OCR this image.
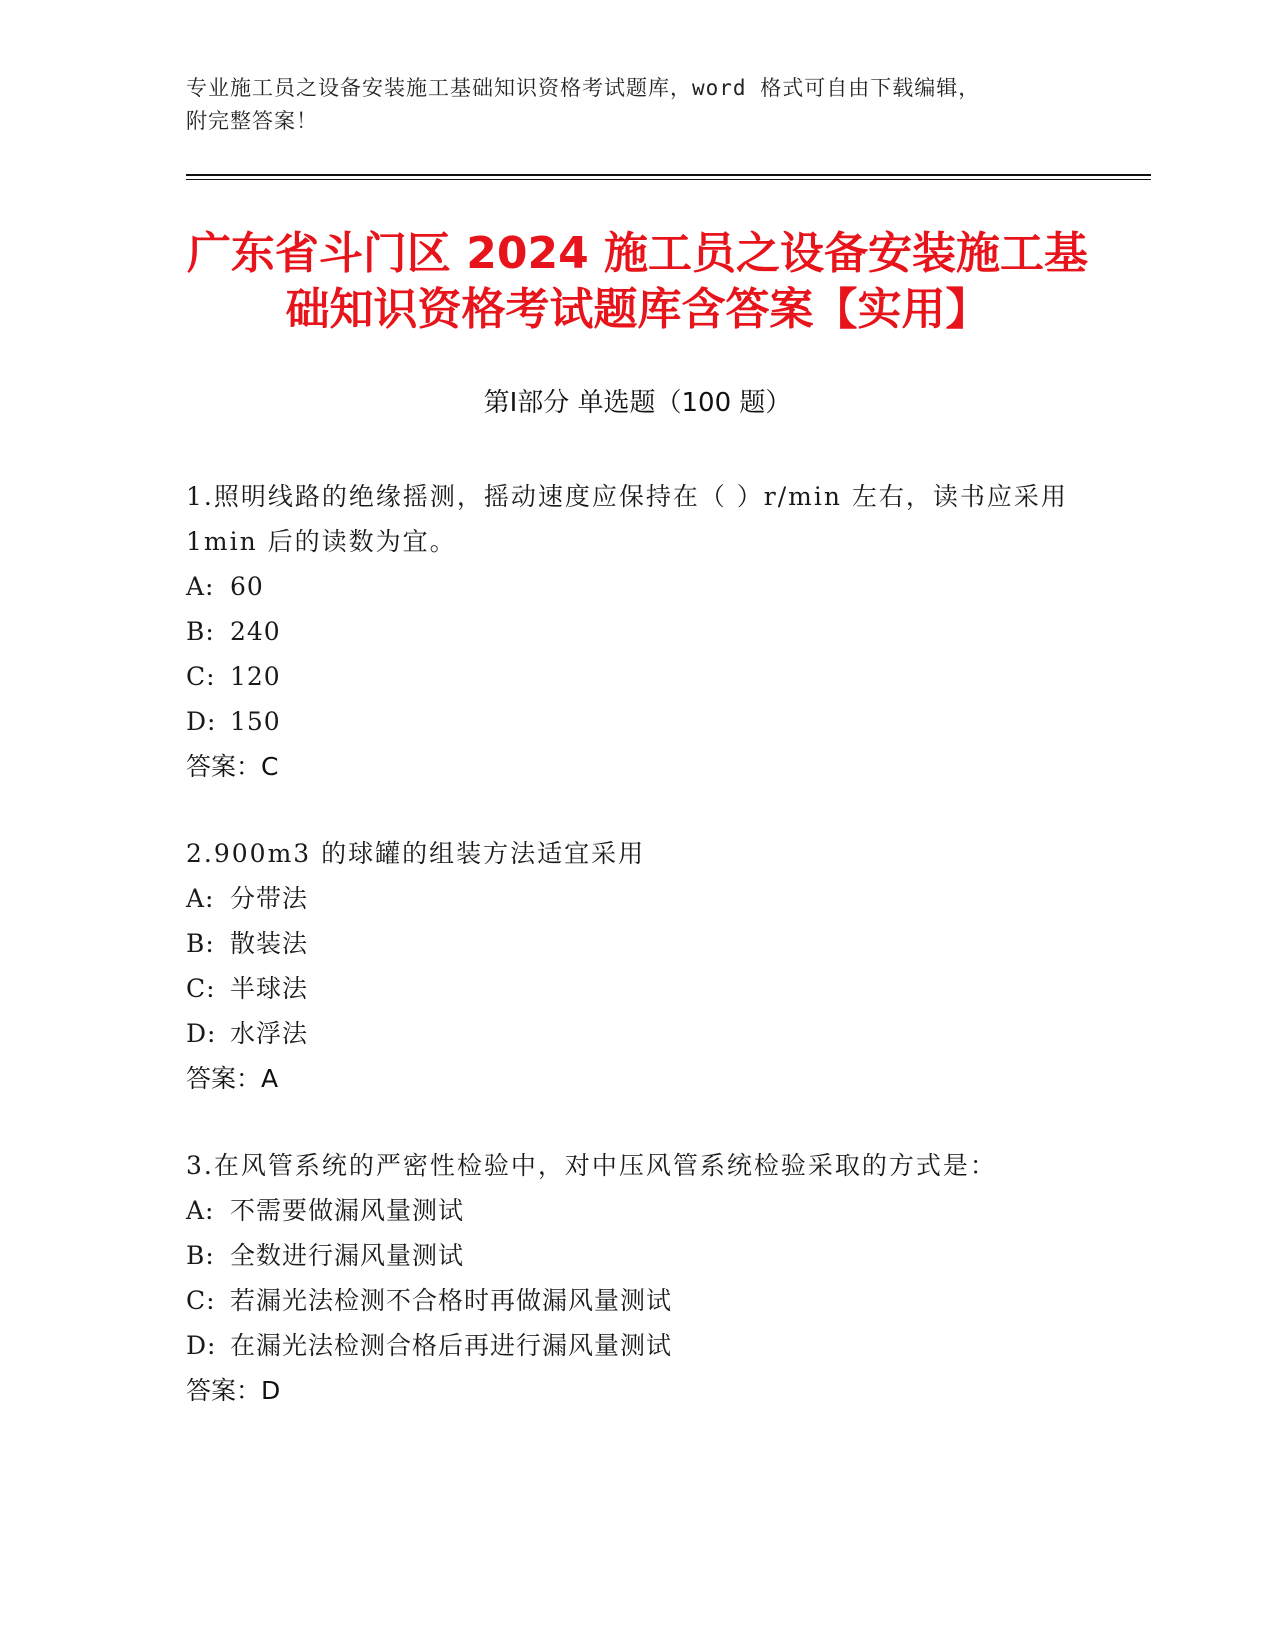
专业施工员之设备安装施工基础知识资格考试题库，word 格式可自由下载编辑，
附完整答案！
广东省斗门区 2024 施工员之设备安装施工基
础知识资格考试题库含答案【实用】
第Ⅰ部分 单选题（100 题）

1.照明线路的绝缘摇测，摇动速度应保持在（ ）r/min 左右，读书应采用 1min 后的读数为宜。

A: 60

B: 240

C: 120

D: 150

答案：C

2.900m3 的球罐的组装方法适宜采用

A: 分带法

B: 散装法

C: 半球法

D: 水浮法

答案：A

3.在风管系统的严密性检验中，对中压风管系统检验采取的方式是：

A: 不需要做漏风量测试

B: 全数进行漏风量测试

C: 若漏光法检测不合格时再做漏风量测试

D: 在漏光法检测合格后再进行漏风量测试

答案：D
